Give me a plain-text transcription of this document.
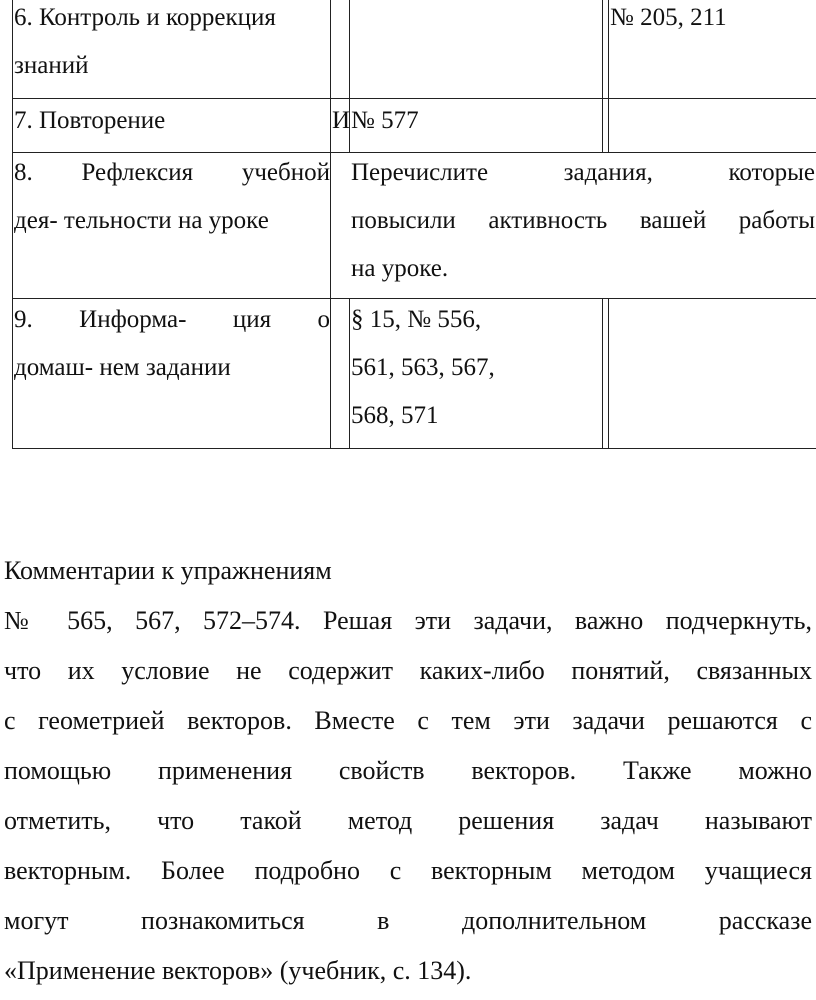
6. Контроль и коррекция
знаний
№ 205, 211
7. Повторение	И № 577
8. Рефлексия учебной
дея- тельности на уроке
Перечислите задания, которые
повысили активность вашей работы
на уроке.
9. Информа- ция о
домаш- нем задании
§ 15, № 556,
561, 563, 567,
568, 571
Комментарии к упражнениям
№ 565, 567, 572–574. Решая эти задачи, важно подчеркнуть,
что их условие не содержит каких-либо понятий, связанных
с геометрией векторов. Вместе с тем эти задачи решаются с
помощью применения свойств векторов. Также можно
отметить, что такой метод решения задач называют
векторным. Более подробно с векторным методом учащиеся
могут познакомиться в дополнительном рассказе
«Применение векторов» (учебник, с. 134).
